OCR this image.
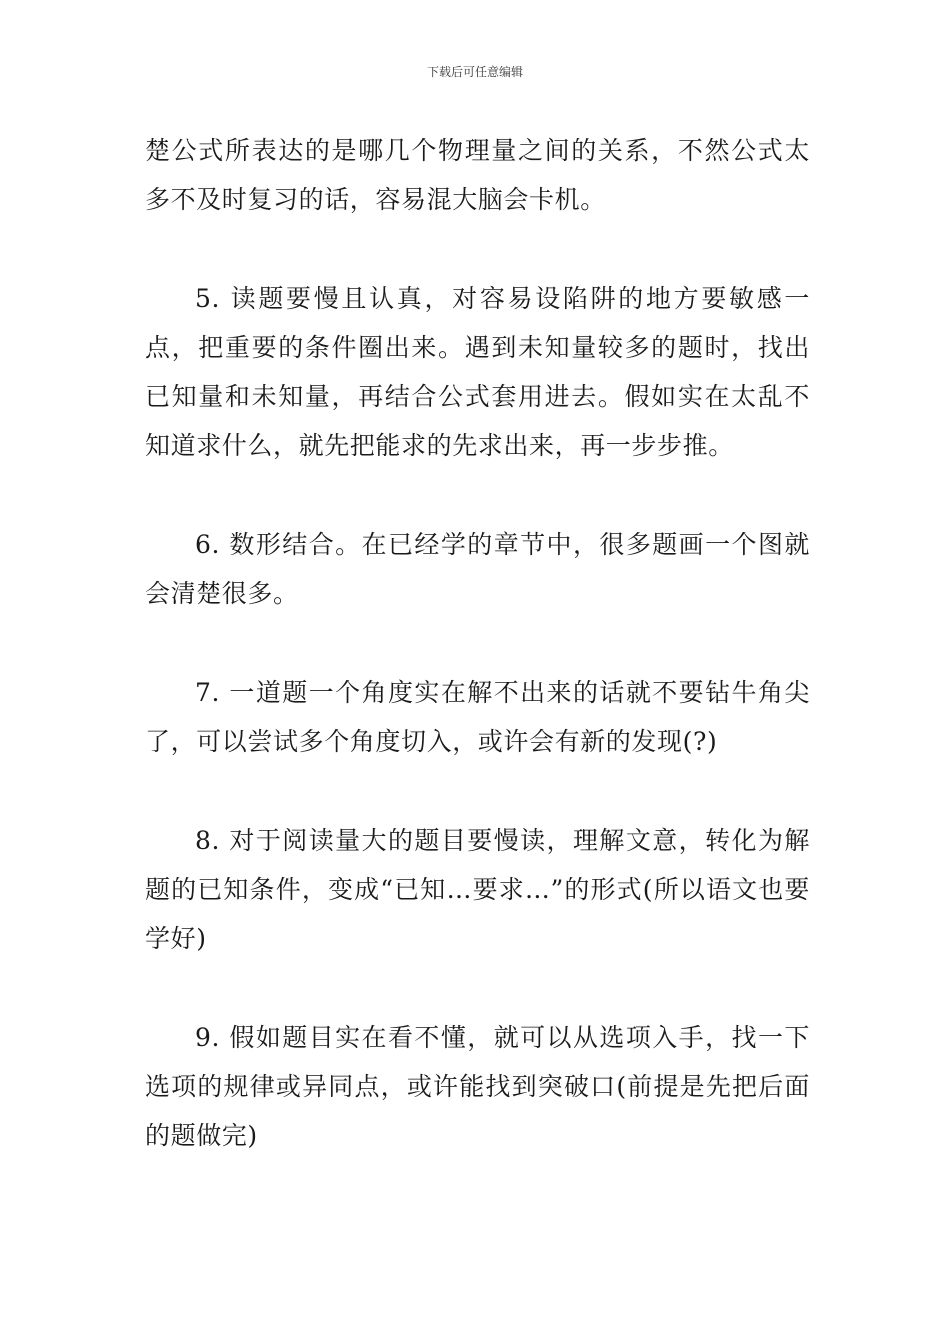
下载后可任意编辑

楚公式所表达的是哪几个物理量之间的关系，不然公式太多不及时复习的话，容易混大脑会卡机。

5. 读题要慢且认真，对容易设陷阱的地方要敏感一点，把重要的条件圈出来。遇到未知量较多的题时，找出已知量和未知量，再结合公式套用进去。假如实在太乱不知道求什么，就先把能求的先求出来，再一步步推。

6. 数形结合。在已经学的章节中，很多题画一个图就会清楚很多。

7. 一道题一个角度实在解不出来的话就不要钻牛角尖了，可以尝试多个角度切入，或许会有新的发现(?)

8. 对于阅读量大的题目要慢读，理解文意，转化为解题的已知条件，变成“已知…要求…”的形式(所以语文也要学好)

9. 假如题目实在看不懂，就可以从选项入手，找一下选项的规律或异同点，或许能找到突破口(前提是先把后面的题做完)
